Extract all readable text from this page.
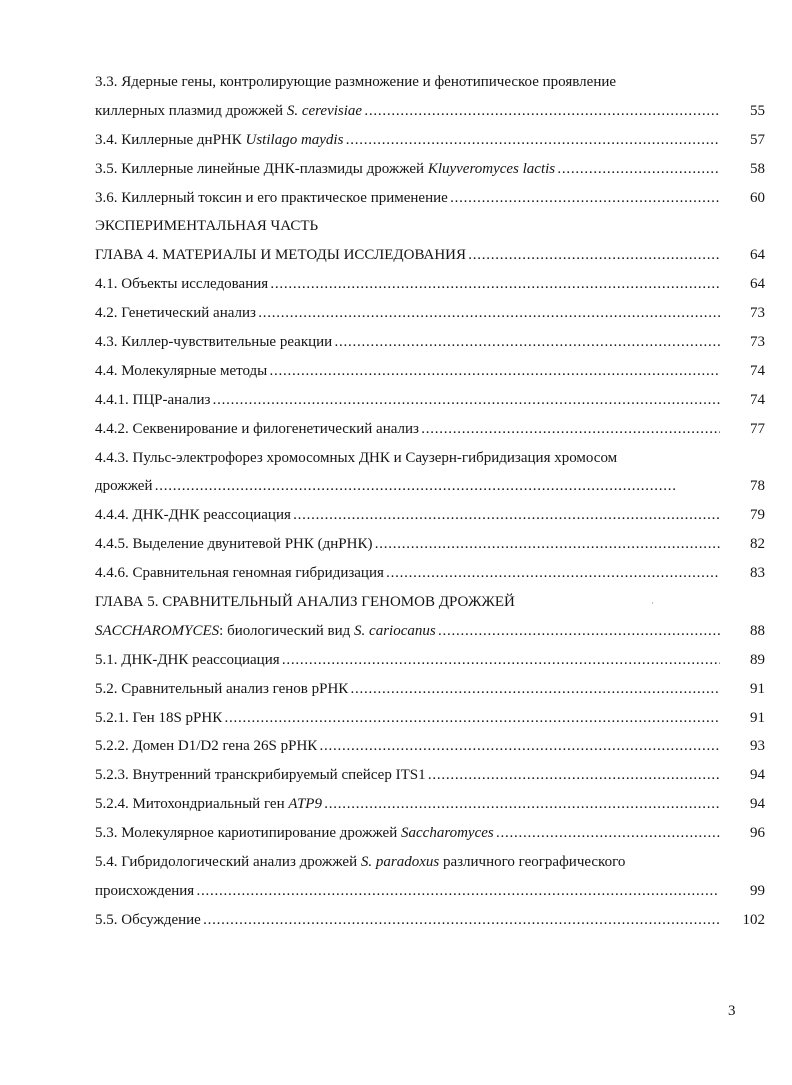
3.3. Ядерные гены, контролирующие размножение и фенотипическое проявление
киллерных плазмид дрожжей S. cerevisiae . . .	55
3.4. Киллерные днРНК Ustilago maydis . . .	57
3.5. Киллерные линейные ДНК-плазмиды дрожжей Kluyveromyces lactis . . .	58
3.6. Киллерный токсин и его практическое применение . . .	60
ЭКСПЕРИМЕНТАЛЬНАЯ ЧАСТЬ
ГЛАВА 4. МАТЕРИАЛЫ И МЕТОДЫ ИССЛЕДОВАНИЯ . . .	64
4.1. Объекты исследования . . .	64
4.2. Генетический анализ . . .	73
4.3. Киллер-чувствительные реакции . . .	73
4.4. Молекулярные методы . . .	74
4.4.1. ПЦР-анализ . . .	74
4.4.2. Секвенирование и филогенетический анализ . . .	77
4.4.3. Пульс-электрофорез хромосомных ДНК и Саузерн-гибридизация хромосом
дрожжей . . .	78
4.4.4. ДНК-ДНК реассоциация . . .	79
4.4.5. Выделение двунитевой РНК (днРНК) . . .	82
4.4.6. Сравнительная геномная гибридизация . . .	83
ГЛАВА 5. СРАВНИТЕЛЬНЫЙ АНАЛИЗ ГЕНОМОВ ДРОЖЖЕЙ
SACCHAROMYCES: биологический вид S. cariocanus . . .	88
5.1. ДНК-ДНК реассоциация . . .	89
5.2. Сравнительный анализ генов рРНК . . .	91
5.2.1. Ген 18S рРНК . . .	91
5.2.2. Домен D1/D2 гена 26S рРНК . . .	93
5.2.3. Внутренний транскрибируемый спейсер ITS1 . . .	94
5.2.4. Митохондриальный ген ATP9 . . .	94
5.3. Молекулярное кариотипирование дрожжей Saccharomyces . . .	96
5.4. Гибридологический анализ дрожжей S. paradoxus различного географического
происхождения . . .	99
5.5. Обсуждение . . .	102
·
3
